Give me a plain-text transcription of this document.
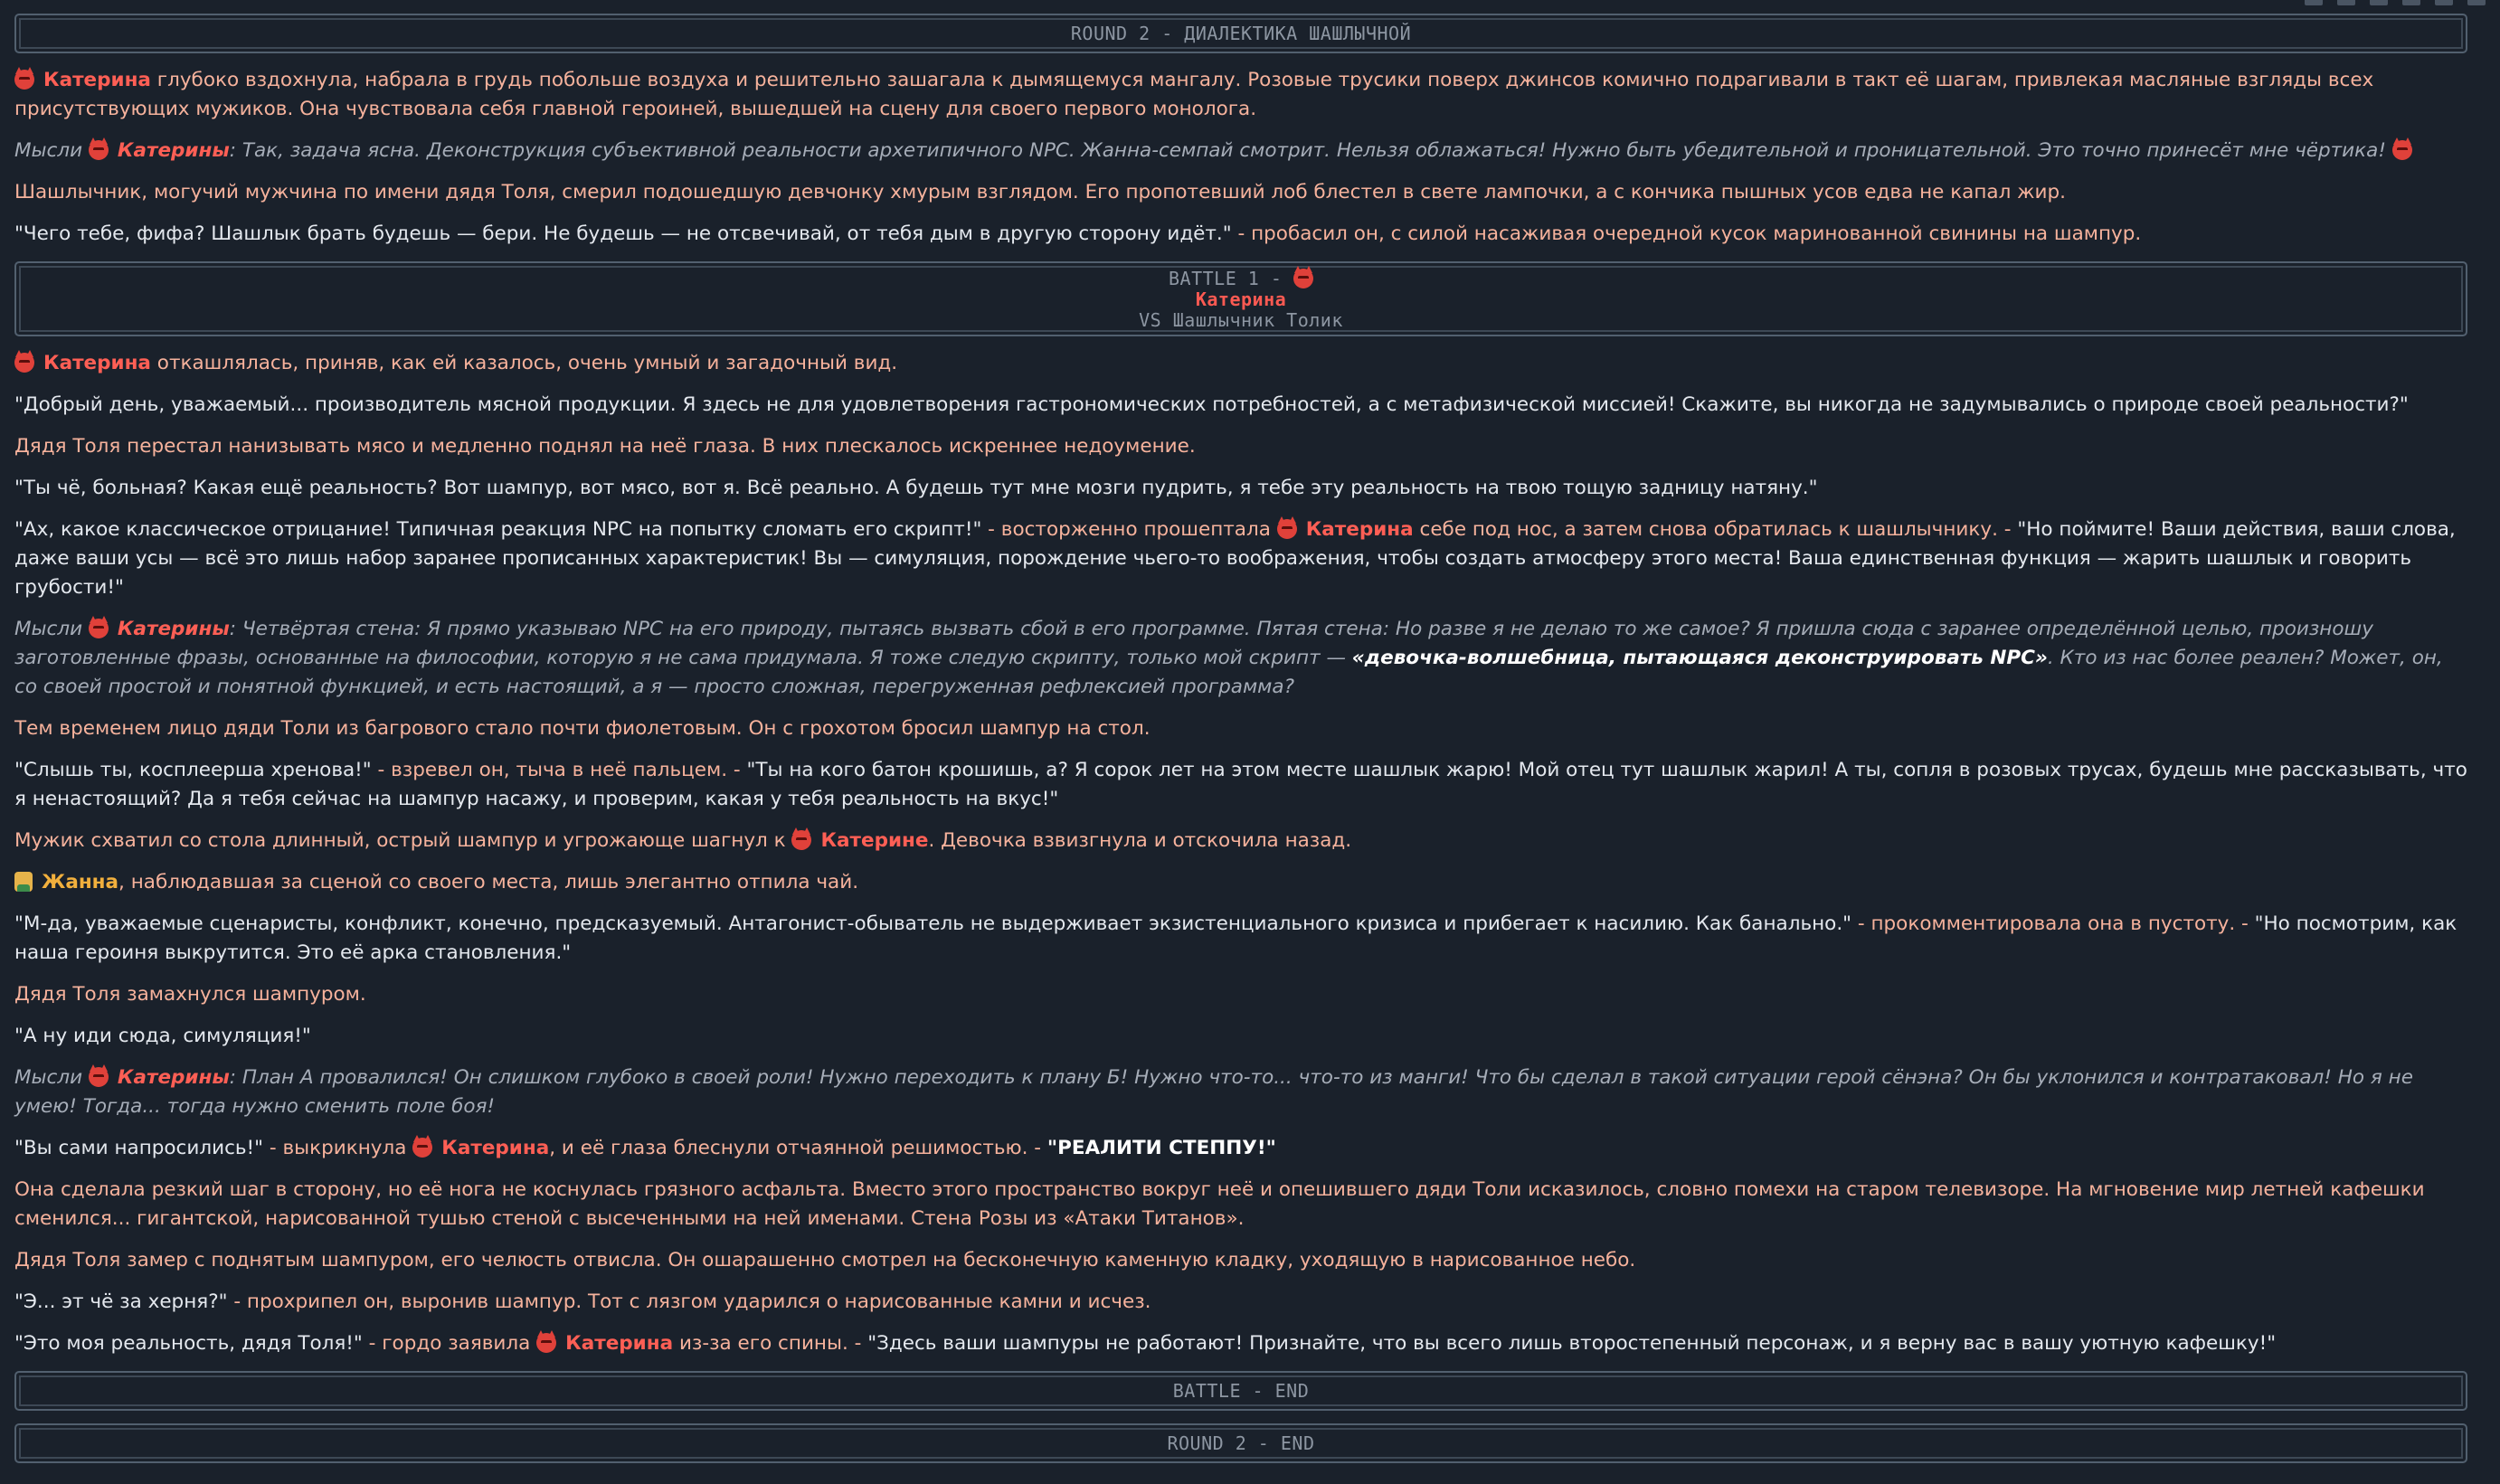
ROUND 2 - ДИАЛЕКТИКА ШАШЛЫЧНОЙ

Катерина глубоко вздохнула, набрала в грудь побольше воздуха и решительно зашагала к дымящемуся мангалу. Розовые трусики поверх джинсов комично подрагивали в такт её шагам, привлекая масляные взгляды всех присутствующих мужиков. Она чувствовала себя главной героиней, вышедшей на сцену для своего первого монолога.

Мысли Катерины: Так, задача ясна. Деконструкция субъективной реальности архетипичного NPC. Жанна-семпай смотрит. Нельзя облажаться! Нужно быть убедительной и проницательной. Это точно принесёт мне чёртика!

Шашлычник, могучий мужчина по имени дядя Толя, смерил подошедшую девчонку хмурым взглядом. Его пропотевший лоб блестел в свете лампочки, а с кончика пышных усов едва не капал жир.

"Чего тебе, фифа? Шашлык брать будешь — бери. Не будешь — не отсвечивай, от тебя дым в другую сторону идёт." - пробасил он, с силой насаживая очередной кусок маринованной свинины на шампур.

BATTLE 1 -
Катерина
VS Шашлычник Толик

Катерина откашлялась, приняв, как ей казалось, очень умный и загадочный вид.

"Добрый день, уважаемый... производитель мясной продукции. Я здесь не для удовлетворения гастрономических потребностей, а с метафизической миссией! Скажите, вы никогда не задумывались о природе своей реальности?"

Дядя Толя перестал нанизывать мясо и медленно поднял на неё глаза. В них плескалось искреннее недоумение.

"Ты чё, больная? Какая ещё реальность? Вот шампур, вот мясо, вот я. Всё реально. А будешь тут мне мозги пудрить, я тебе эту реальность на твою тощую задницу натяну."

"Ах, какое классическое отрицание! Типичная реакция NPC на попытку сломать его скрипт!" - восторженно прошептала
Катерина себе под нос, а затем снова обратилась к шашлычнику. - "Но поймите! Ваши действия, ваши слова, даже ваши усы — всё это лишь набор заранее прописанных характеристик! Вы — симуляция, порождение чьего-то воображения, чтобы создать атмосферу этого места! Ваша единственная функция — жарить шашлык и говорить грубости!"

Мысли Катерины: Четвёртая стена: Я прямо указываю NPC на его природу, пытаясь вызвать сбой в его программе. Пятая стена: Но разве я не делаю то же самое? Я пришла сюда с заранее определённой целью, произношу заготовленные фразы, основанные на философии, которую я не сама придумала. Я тоже следую скрипту, только мой скрипт — «девочка-волшебница, пытающаяся деконструировать NPC». Кто из нас более реален? Может, он, со своей простой и понятной функцией, и есть настоящий, а я — просто сложная, перегруженная рефлексией программа?

Тем временем лицо дяди Толи из багрового стало почти фиолетовым. Он с грохотом бросил шампур на стол.

"Слышь ты, косплеерша хренова!" - взревел он, тыча в неё пальцем. - "Ты на кого батон крошишь, а? Я сорок лет на этом месте шашлык жарю! Мой отец тут шашлык жарил! А ты, сопля в розовых трусах, будешь мне рассказывать, что я ненастоящий? Да я тебя сейчас на шампур насажу, и проверим, какая у тебя реальность на вкус!"

Мужик схватил со стола длинный, острый шампур и угрожающе шагнул к
Катерине. Девочка взвизгнула и отскочила назад.

Жанна, наблюдавшая за сценой со своего места, лишь элегантно отпила чай.

"М-да, уважаемые сценаристы, конфликт, конечно, предсказуемый. Антагонист-обыватель не выдерживает экзистенциального кризиса и прибегает к насилию. Как банально." - прокомментировала она в пустоту. - "Но посмотрим, как наша героиня выкрутится. Это её арка становления."

Дядя Толя замахнулся шампуром.

"А ну иди сюда, симуляция!"

Мысли Катерины: План А провалился! Он слишком глубоко в своей роли! Нужно переходить к плану Б! Нужно что-то... что-то из манги! Что бы сделал в такой ситуации герой сёнэна? Он бы уклонился и контратаковал! Но я не умею! Тогда... тогда нужно сменить поле боя!

"Вы сами напросились!" - выкрикнула
Катерина, и её глаза блеснули отчаянной решимостью. - "РЕАЛИТИ СТЕППУ!"

Она сделала резкий шаг в сторону, но её нога не коснулась грязного асфальта. Вместо этого пространство вокруг неё и опешившего дяди Толи исказилось, словно помехи на старом телевизоре. На мгновение мир летней кафешки сменился... гигантской, нарисованной тушью стеной с высеченными на ней именами. Стена Розы из «Атаки Титанов».

Дядя Толя замер с поднятым шампуром, его челюсть отвисла. Он ошарашенно смотрел на бесконечную каменную кладку, уходящую в нарисованное небо.

"Э... эт чё за херня?" - прохрипел он, выронив шампур. Тот с лязгом ударился о нарисованные камни и исчез.

"Это моя реальность, дядя Толя!" - гордо заявила
Катерина из-за его спины. - "Здесь ваши шампуры не работают! Признайте, что вы всего лишь второстепенный персонаж, и я верну вас в вашу уютную кафешку!"

BATTLE - END
ROUND 2 - END
